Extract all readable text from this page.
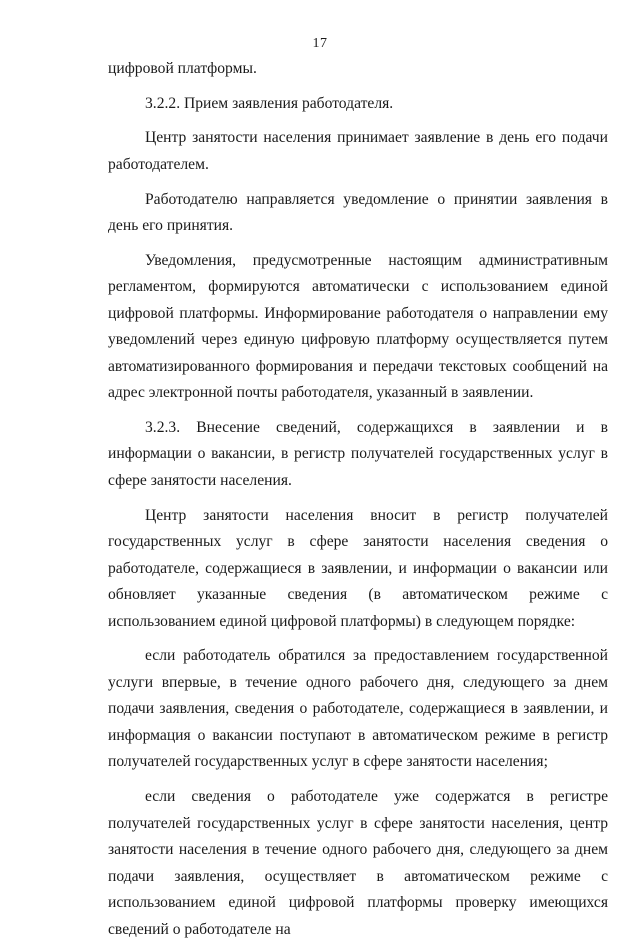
17

цифровой платформы.

3.2.2. Прием заявления работодателя.

Центр занятости населения принимает заявление в день его подачи работодателем.

Работодателю направляется уведомление о принятии заявления в день его принятия.

Уведомления, предусмотренные настоящим административным регламентом, формируются автоматически с использованием единой цифровой платформы. Информирование работодателя о направлении ему уведомлений через единую цифровую платформу осуществляется путем автоматизированного формирования и передачи текстовых сообщений на адрес электронной почты работодателя, указанный в заявлении.

3.2.3. Внесение сведений, содержащихся в заявлении и в информации о вакансии, в регистр получателей государственных услуг в сфере занятости населения.

Центр занятости населения вносит в регистр получателей государственных услуг в сфере занятости населения сведения о работодателе, содержащиеся в заявлении, и информации о вакансии или обновляет указанные сведения (в автоматическом режиме с использованием единой цифровой платформы) в следующем порядке:

если работодатель обратился за предоставлением государственной услуги впервые, в течение одного рабочего дня, следующего за днем подачи заявления, сведения о работодателе, содержащиеся в заявлении, и информация о вакансии поступают в автоматическом режиме в регистр получателей государственных услуг в сфере занятости населения;

если сведения о работодателе уже содержатся в регистре получателей государственных услуг в сфере занятости населения, центр занятости населения в течение одного рабочего дня, следующего за днем подачи заявления, осуществляет в автоматическом режиме с использованием единой цифровой платформы проверку имеющихся сведений о работодателе на
